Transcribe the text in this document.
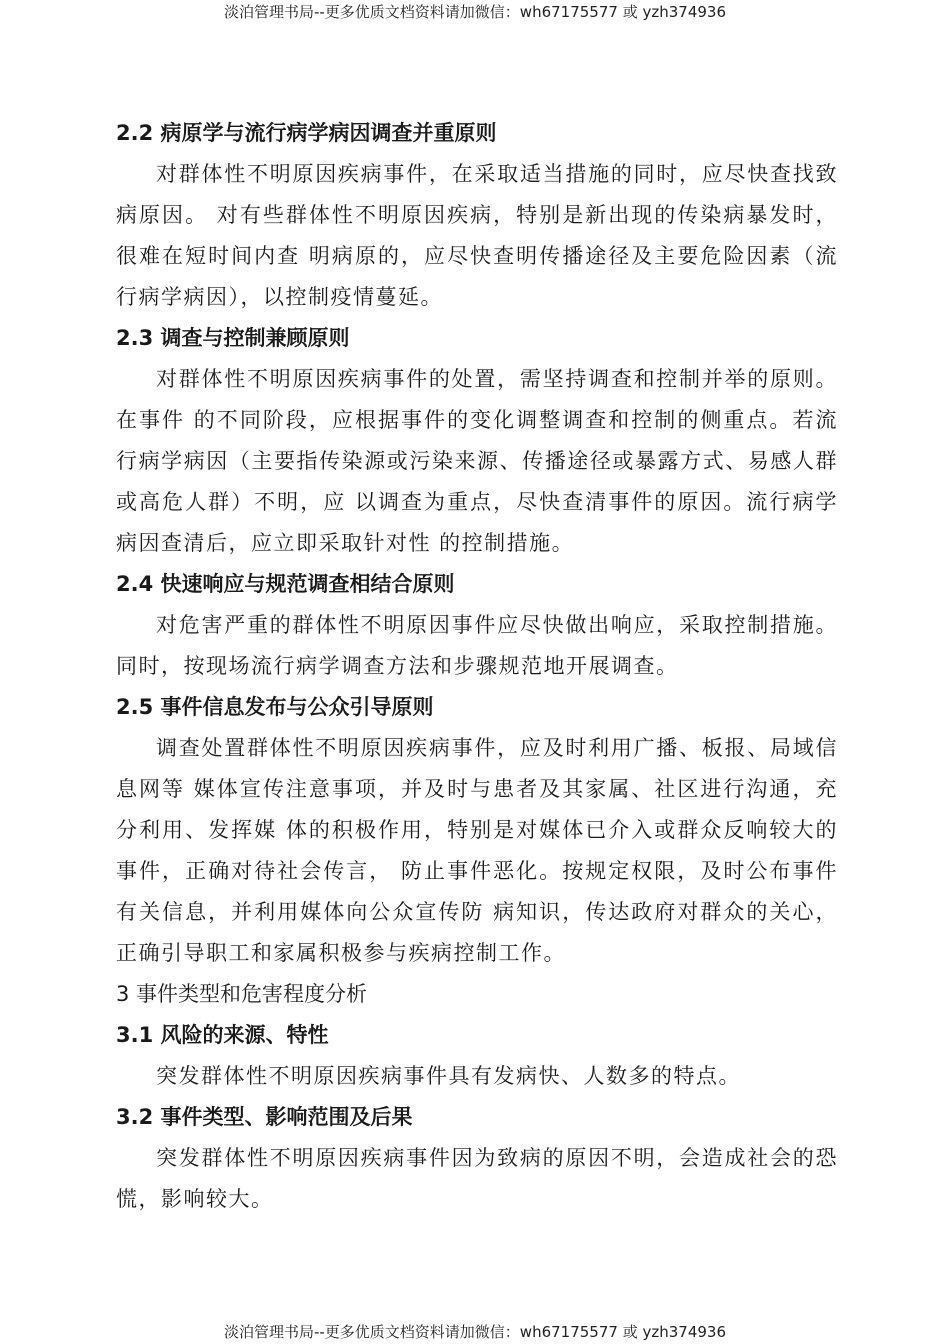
淡泊管理书局--更多优质文档资料请加微信：wh67175577 或 yzh374936
2.2 病原学与流行病学病因调查并重原则
对群体性不明原因疾病事件，在采取适当措施的同时，应尽快查找致病原因。 对有些群体性不明原因疾病，特别是新出现的传染病暴发时，很难在短时间内查 明病原的，应尽快查明传播途径及主要危险因素（流行病学病因），以控制疫情蔓延。
2.3 调查与控制兼顾原则
对群体性不明原因疾病事件的处置，需坚持调查和控制并举的原则。在事件 的不同阶段，应根据事件的变化调整调查和控制的侧重点。若流行病学病因（主要指传染源或污染来源、传播途径或暴露方式、易感人群或高危人群）不明，应 以调查为重点，尽快查清事件的原因。流行病学病因查清后，应立即采取针对性 的控制措施。
2.4 快速响应与规范调查相结合原则
对危害严重的群体性不明原因事件应尽快做出响应，采取控制措施。同时，按现场流行病学调查方法和步骤规范地开展调查。
2.5 事件信息发布与公众引导原则
调查处置群体性不明原因疾病事件，应及时利用广播、板报、局域信息网等 媒体宣传注意事项，并及时与患者及其家属、社区进行沟通，充分利用、发挥媒 体的积极作用，特别是对媒体已介入或群众反响较大的事件，正确对待社会传言， 防止事件恶化。按规定权限，及时公布事件有关信息，并利用媒体向公众宣传防 病知识，传达政府对群众的关心，正确引导职工和家属积极参与疾病控制工作。
3 事件类型和危害程度分析
3.1 风险的来源、特性
突发群体性不明原因疾病事件具有发病快、人数多的特点。
3.2 事件类型、影响范围及后果
突发群体性不明原因疾病事件因为致病的原因不明，会造成社会的恐慌，影响较大。
淡泊管理书局--更多优质文档资料请加微信：wh67175577 或 yzh374936
